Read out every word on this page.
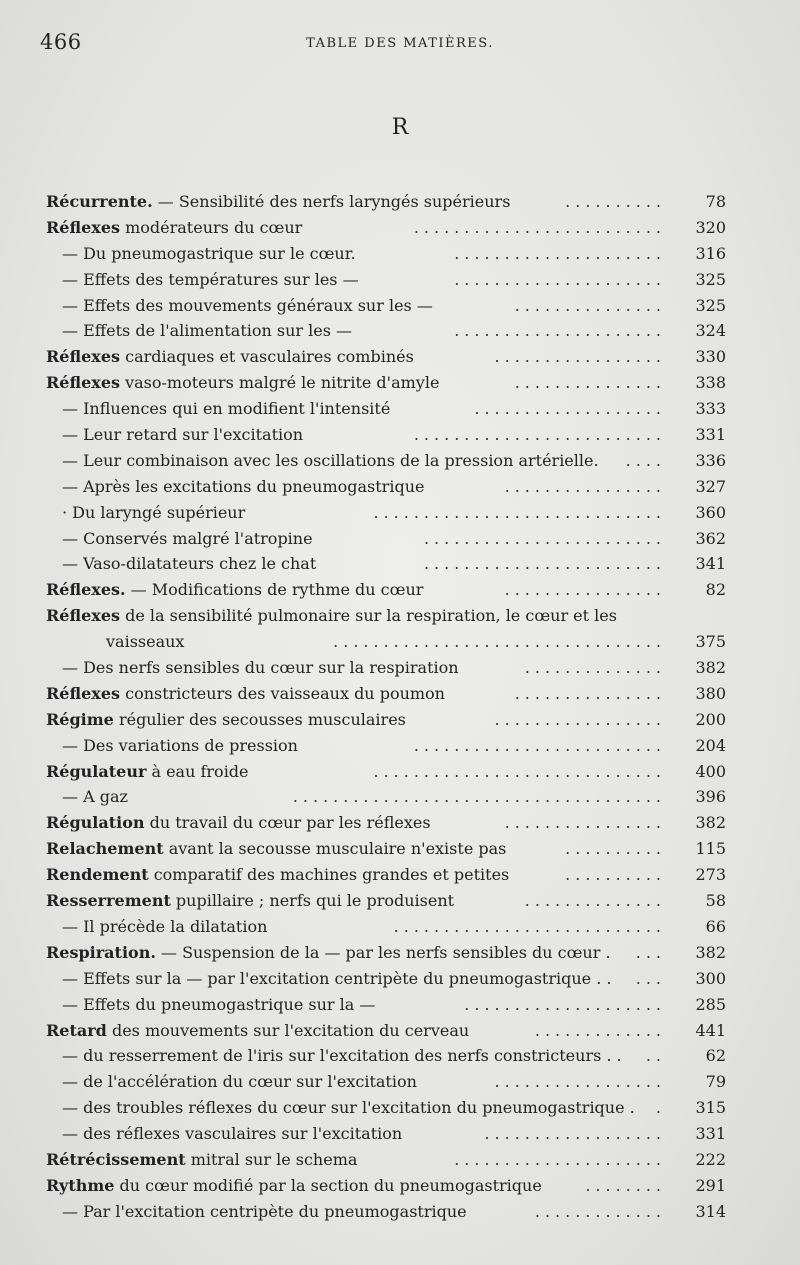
466	TABLE DES MATIÈRES.
R
Récurrente. — Sensibilité des nerfs laryngés supérieurs	78
..........
Réflexes modérateurs du cœur	320
.........................
— Du pneumogastrique sur le cœur.	316
.....................
— Effets des températures sur les —	325
.....................
— Effets des mouvements généraux sur les —	325
...............
— Effets de l'alimentation sur les —	324
.....................
Réflexes cardiaques et vasculaires combinés	330
.................
Réflexes vaso-moteurs malgré le nitrite d'amyle	338
...............
— Influences qui en modifient l'intensité	333
...................
— Leur retard sur l'excitation	331
.........................
— Leur combinaison avec les oscillations de la pression artérielle.	336
....
— Après les excitations du pneumogastrique	327
................
· Du laryngé supérieur	360
.............................
— Conservés malgré l'atropine	362
........................
— Vaso-dilatateurs chez le chat	341
........................
Réflexes. — Modifications de rythme du cœur	82
................
Réflexes de la sensibilité pulmonaire sur la respiration, le cœur et les
vaisseaux	375
.................................
— Des nerfs sensibles du cœur sur la respiration	382
..............
Réflexes constricteurs des vaisseaux du poumon	380
...............
Régime régulier des secousses musculaires	200
.................
— Des variations de pression	204
.........................
Régulateur à eau froide	400
.............................
— A gaz	396
.....................................
Régulation du travail du cœur par les réflexes	382
................
Relachement avant la secousse musculaire n'existe pas	115
..........
Rendement comparatif des machines grandes et petites	273
..........
Resserrement pupillaire ; nerfs qui le produisent	58
..............
— Il précède la dilatation	66
...........................
Respiration. — Suspension de la — par les nerfs sensibles du cœur .	382
...
— Effets sur la — par l'excitation centripète du pneumogastrique . .	300
...
— Effets du pneumogastrique sur la —	285
....................
Retard des mouvements sur l'excitation du cerveau	441
.............
— du resserrement de l'iris sur l'excitation des nerfs constricteurs . .	62
..
— de l'accélération du cœur sur l'excitation	79
.................
— des troubles réflexes du cœur sur l'excitation du pneumogastrique .	315
.
— des réflexes vasculaires sur l'excitation	331
..................
Rétrécissement mitral sur le schema	222
.....................
Rythme du cœur modifié par la section du pneumogastrique	291
........
— Par l'excitation centripète du pneumogastrique	314
.............
